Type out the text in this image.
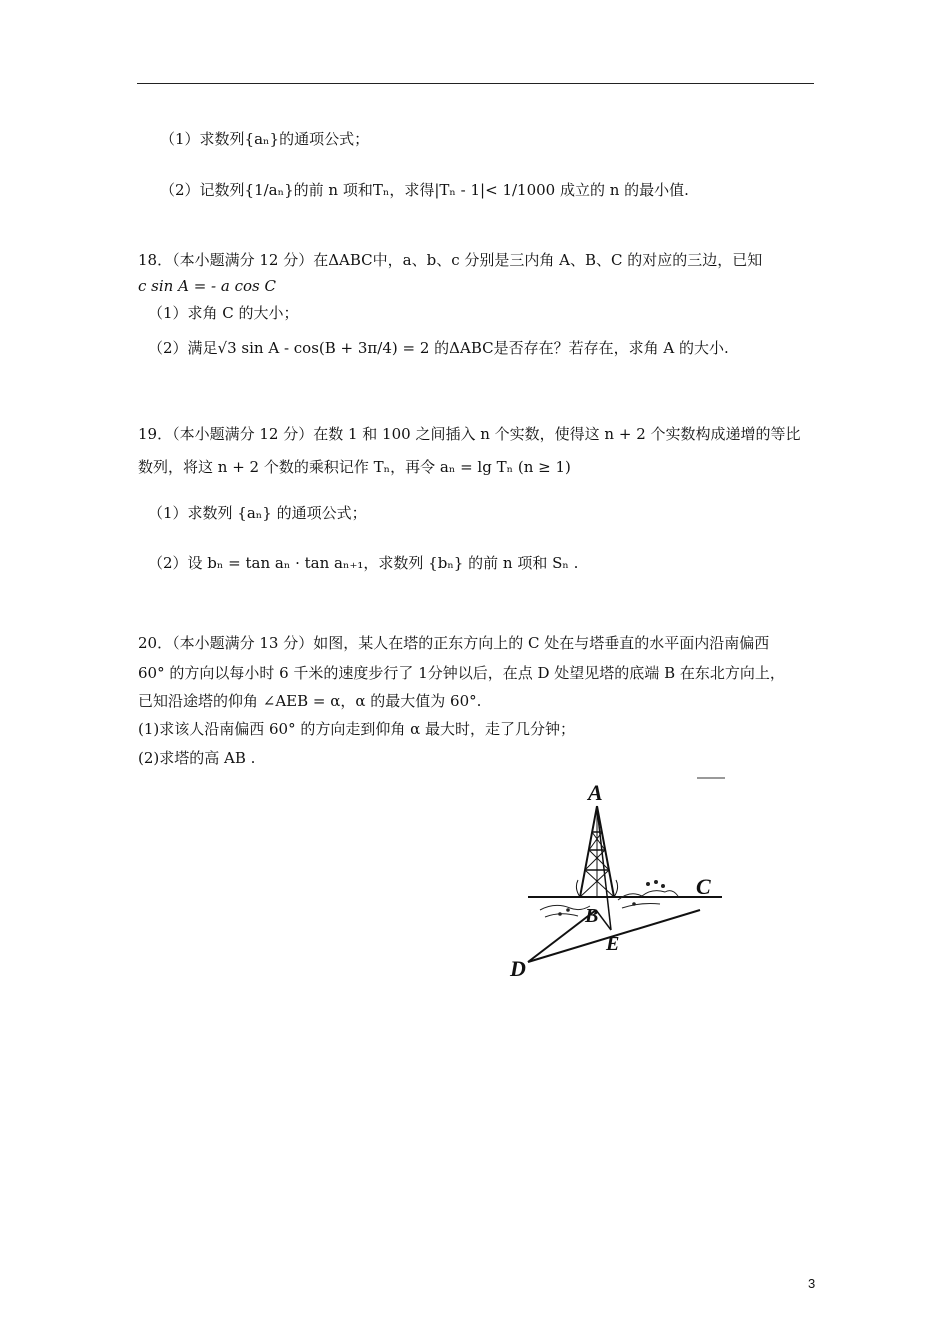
（1）求数列{aₙ}的通项公式；
（2）记数列{1/aₙ}的前 n 项和Tₙ，求得|Tₙ - 1|< 1/1000 成立的 n 的最小值.
18．（本小题满分 12 分）在ΔABC中，a、b、c 分别是三内角 A、B、C 的对应的三边，已知
c sin A = - a cos C
（1）求角 C 的大小；
（2）满足√3 sin A - cos(B + 3π/4) = 2 的ΔABC是否存在？若存在，求角 A 的大小.
19．（本小题满分 12 分）在数 1 和 100 之间插入 n 个实数，使得这 n + 2 个实数构成递增的等比
数列，将这 n + 2 个数的乘积记作 Tₙ，再令 aₙ = lg Tₙ (n ≥ 1)
（1）求数列 {aₙ} 的通项公式；
（2）设 bₙ = tan aₙ · tan aₙ₊₁，求数列 {bₙ} 的前 n 项和 Sₙ .
20．（本小题满分 13 分）如图，某人在塔的正东方向上的 C 处在与塔垂直的水平面内沿南偏西
60° 的方向以每小时 6 千米的速度步行了 1分钟以后，在点 D 处望见塔的底端 B 在东北方向上，
已知沿途塔的仰角 ∠AEB = α，α 的最大值为 60°.
(1)求该人沿南偏西 60° 的方向走到仰角 α 最大时，走了几分钟；
(2)求塔的高 AB .
A
B
C
D
E
3
